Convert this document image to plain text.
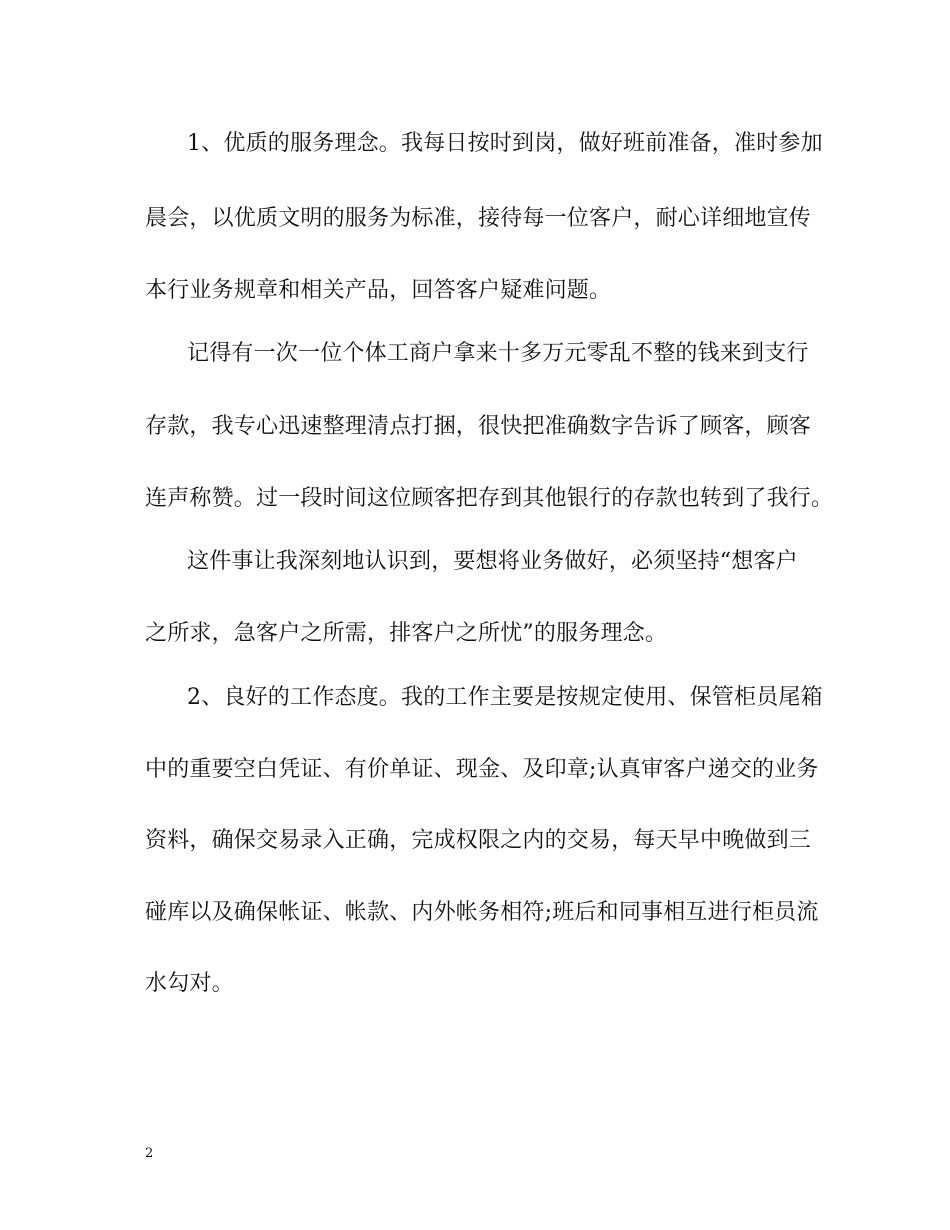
1、优质的服务理念。我每日按时到岗，做好班前准备，准时参加
晨会，以优质文明的服务为标准，接待每一位客户，耐心详细地宣传
本行业务规章和相关产品，回答客户疑难问题。
记得有一次一位个体工商户拿来十多万元零乱不整的钱来到支行
存款，我专心迅速整理清点打捆，很快把准确数字告诉了顾客，顾客
连声称赞。过一段时间这位顾客把存到其他银行的存款也转到了我行。
这件事让我深刻地认识到，要想将业务做好，必须坚持“想客户
之所求，急客户之所需，排客户之所忧”的服务理念。
2、良好的工作态度。我的工作主要是按规定使用、保管柜员尾箱
中的重要空白凭证、有价单证、现金、及印章;认真审客户递交的业务
资料，确保交易录入正确，完成权限之内的交易，每天早中晚做到三
碰库以及确保帐证、帐款、内外帐务相符;班后和同事相互进行柜员流
水勾对。
2
